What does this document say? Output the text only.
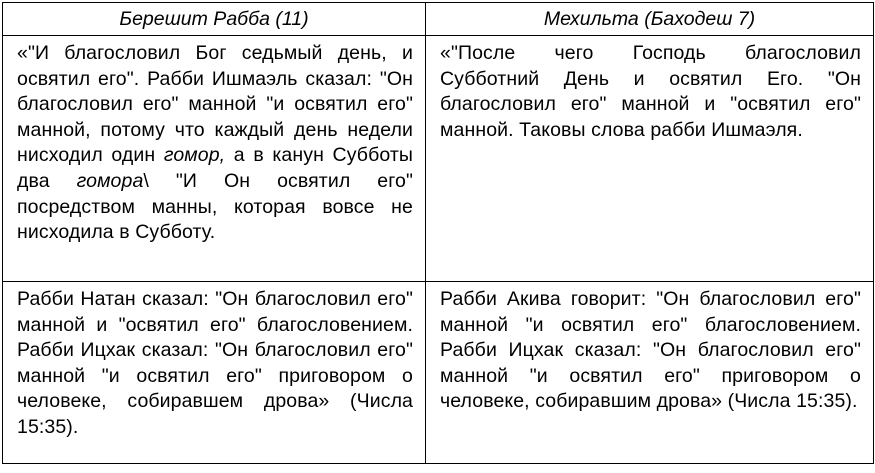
Берешит Рабба (11)	Мехильта (Баходеш 7)
«"И благословил Бог седьмый день, и освятил его". Рабби Ишмаэль сказал: "Он благословил его" манной "и освятил его" манной, потому что каждый день недели нисходил один гомор, а в канун Субботы два гомора\ "И Он освятил его" посредством манны, которая вовсе не нисходила в Субботу.	«"После чего Господь благословил Субботний День и освятил Его. "Он благословил его" манной и "освятил его" манной. Таковы слова рабби Ишмаэля.
Рабби Натан сказал: "Он благословил его" манной и "освятил его" благословением. Рабби Ицхак сказал: "Он благословил его" манной "и освятил его" приговором о человеке, собиравшем дрова» (Числа 15:35).	Рабби Акива говорит: "Он благословил его" манной "и освятил его" благословением. Рабби Ицхак сказал: "Он благословил его" манной "и освятил его" приговором о человеке, собиравшим дрова» (Числа 15:35).
